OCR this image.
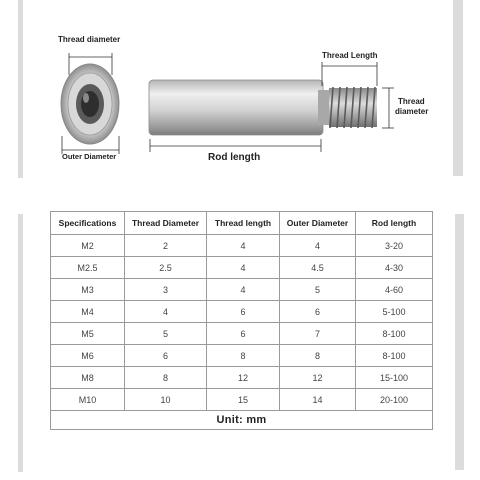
Thread diameter
Outer Diameter
Thread Length
Thread
diameter
Rod length
Specifications	Thread Diameter	Thread length	Outer Diameter	Rod length
M2	2	4	4	3-20
M2.5	2.5	4	4.5	4-30
M3	3	4	5	4-60
M4	4	6	6	5-100
M5	5	6	7	8-100
M6	6	8	8	8-100
M8	8	12	12	15-100
M10	10	15	14	20-100
Unit: mm				
